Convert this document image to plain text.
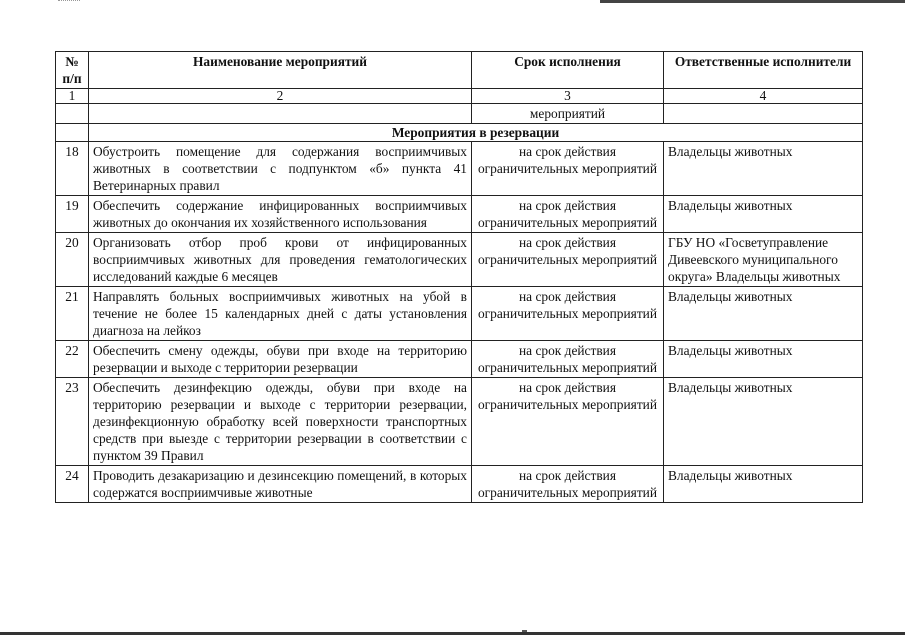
№ п/п	Наименование мероприятий	Срок исполнения	Ответственные исполнители
1	2	3	4
		мероприятий	
	Мероприятия в резервации		
18	Обустроить помещение для содержания восприимчивых животных в соответствии с подпунктом «б» пункта 41 Ветеринарных правил	на срок действия ограничительных мероприятий	Владельцы животных
19	Обеспечить содержание инфицированных восприимчивых животных до окончания их хозяйственного использования	на срок действия ограничительных мероприятий	Владельцы животных
20	Организовать отбор проб крови от инфицированных восприимчивых животных для проведения гематологических исследований каждые 6 месяцев	на срок действия ограничительных мероприятий	ГБУ НО «Госветуправление Дивеевского муниципального округа» Владельцы животных
21	Направлять больных восприимчивых животных на убой в течение не более 15 календарных дней с даты установления диагноза на лейкоз	на срок действия ограничительных мероприятий	Владельцы животных
22	Обеспечить смену одежды, обуви при входе на территорию резервации и выходе с территории резервации	на срок действия ограничительных мероприятий	Владельцы животных
23	Обеспечить дезинфекцию одежды, обуви при входе на территорию резервации и выходе с территории резервации, дезинфекционную обработку всей поверхности транспортных средств при выезде с территории резервации в соответствии с пунктом 39 Правил	на срок действия ограничительных мероприятий	Владельцы животных
24	Проводить дезакаризацию и дезинсекцию помещений, в которых содержатся восприимчивые животные	на срок действия ограничительных мероприятий	Владельцы животных
